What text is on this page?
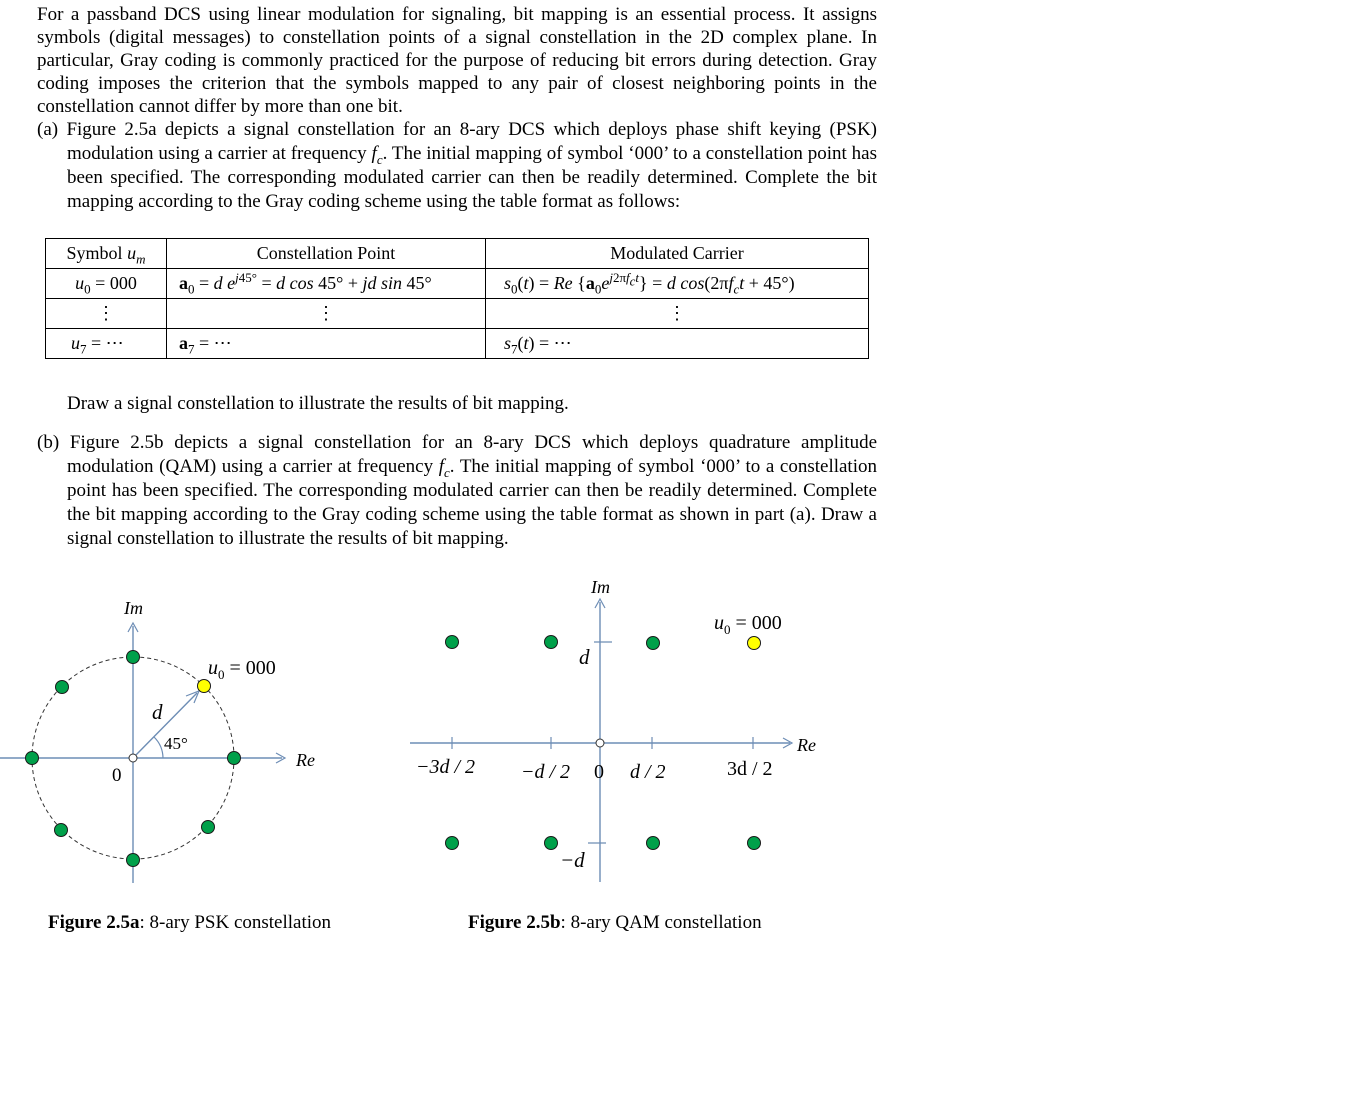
For a passband DCS using linear modulation for signaling, bit mapping is an essential process. It assigns symbols (digital messages) to constellation points of a signal constellation in the 2D complex plane. In particular, Gray coding is commonly practiced for the purpose of reducing bit errors during detection. Gray coding imposes the criterion that the symbols mapped to any pair of closest neighboring points in the constellation cannot differ by more than one bit.
(a) Figure 2.5a depicts a signal constellation for an 8-ary DCS which deploys phase shift keying (PSK) modulation using a carrier at frequency $f_c$. The initial mapping of symbol ‘000’ to a constellation point has been specified. The corresponding modulated carrier can then be readily determined. Complete the bit mapping according to the Gray coding scheme using the table format as follows:
Symbol $u_m$	Constellation Point	Modulated Carrier
$u_0 = 000$	$a_0 = d$ $e^{j45^\circ} = d$ cos 45° + jd sin 45°	$s_0(t) = Re$ $\{a_0e^{j2\pi f_ct}\} = d$ $\cos(2\pi f_ct + 45^\circ)$
⋮	⋮	⋮
$u_7$ = ⋯	$a_7$ = ⋯	$s_7(t)$ = ⋯
Draw a signal constellation to illustrate the results of bit mapping.
(b) Figure 2.5b depicts a signal constellation for an 8-ary DCS which deploys quadrature amplitude modulation (QAM) using a carrier at frequency $f_c$. The initial mapping of symbol ‘000’ to a constellation point has been specified. The corresponding modulated carrier can then be readily determined. Complete the bit mapping according to the Gray coding scheme using the table format as shown in part (a). Draw a signal constellation to illustrate the results of bit mapping.
Im
Re
0
d
45°
$u_0 = 000$
Im
Re
$u_0 = 000$
d
−d
−3d / 2 −d / 2 0 d / 2	3d / 2
Figure 2.5a: 8-ary PSK constellation	Figure 2.5b: 8-ary QAM constellation
